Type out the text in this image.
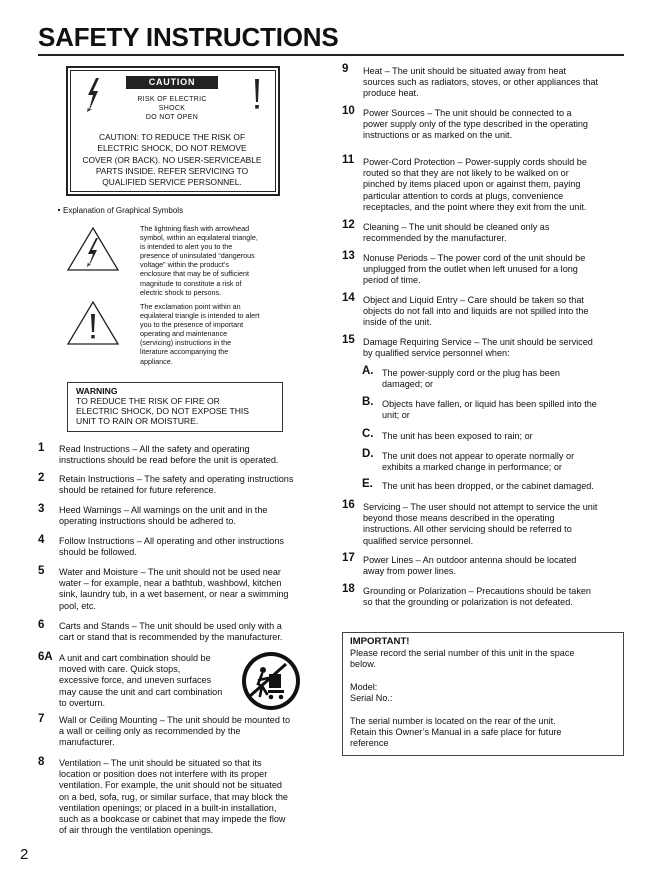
SAFETY INSTRUCTIONS
CAUTION
RISK OF ELECTRIC SHOCK
DO NOT OPEN
CAUTION: TO REDUCE THE RISK OF
ELECTRIC SHOCK, DO NOT REMOVE
COVER (OR BACK). NO USER-SERVICEABLE
PARTS INSIDE. REFER SERVICING TO
QUALIFIED SERVICE PERSONNEL.
Explanation of Graphical Symbols
The lightning flash with arrowhead
symbol, within an equilateral triangle,
is intended to alert you to the
presence of uninsulated “dangerous
voltage” within the product’s
enclosure that may be of sufficient
magnitude to constitute a risk of
electric shock to persons.
The exclamation point within an
equilateral triangle is intended to alert
you to the presence of important
operating and maintenance
(servicing) instructions in the
literature accompanying the
appliance.
WARNING
TO REDUCE THE RISK OF FIRE OR
ELECTRIC SHOCK, DO NOT EXPOSE THIS
UNIT TO RAIN OR MOISTURE.
1 Read Instructions – All the safety and operating
instructions should be read before the unit is operated.
2 Retain Instructions – The safety and operating instructions
should be retained for future reference.
3 Heed Warnings – All warnings on the unit and in the
operating instructions should be adhered to.
4 Follow Instructions – All operating and other instructions
should be followed.
5 Water and Moisture – The unit should not be used near
water – for example, near a bathtub, washbowl, kitchen
sink, laundry tub, in a wet basement, or near a swimming
pool, etc.
6 Carts and Stands – The unit should be used only with a
cart or stand that is recommended by the manufacturer.
6A A unit and cart combination should be
moved with care. Quick stops,
excessive force, and uneven surfaces
may cause the unit and cart combination
to overturn.
7 Wall or Ceiling Mounting – The unit should be mounted to
a wall or ceiling only as recommended by the
manufacturer.
8 Ventilation – The unit should be situated so that its
location or position does not interfere with its proper
ventilation. For example, the unit should not be situated
on a bed, sofa, rug, or similar surface, that may block the
ventilation openings; or placed in a built-in installation,
such as a bookcase or cabinet that may impede the flow
of air through the ventilation openings.
9 Heat – The unit should be situated away from heat
sources such as radiators, stoves, or other appliances that
produce heat.
10 Power Sources – The unit should be connected to a
power supply only of the type described in the operating
instructions or as marked on the unit.
11 Power-Cord Protection – Power-supply cords should be
routed so that they are not likely to be walked on or
pinched by items placed upon or against them, paying
particular attention to cords at plugs, convenience
receptacles, and the point where they exit from the unit.
12 Cleaning – The unit should be cleaned only as
recommended by the manufacturer.
13 Nonuse Periods – The power cord of the unit should be
unplugged from the outlet when left unused for a long
period of time.
14 Object and Liquid Entry – Care should be taken so that
objects do not fall into and liquids are not spilled into the
inside of the unit.
15 Damage Requiring Service – The unit should be serviced
by qualified service personnel when:
A. The power-supply cord or the plug has been
damaged; or
B. Objects have fallen, or liquid has been spilled into the
unit; or
C. The unit has been exposed to rain; or
D. The unit does not appear to operate normally or
exhibits a marked change in performance; or
E. The unit has been dropped, or the cabinet damaged.
16 Servicing – The user should not attempt to service the unit
beyond those means described in the operating
instructions. All other servicing should be referred to
qualified service personnel.
17 Power Lines – An outdoor antenna should be located
away from power lines.
18 Grounding or Polarization – Precautions should be taken
so that the grounding or polarization is not defeated.
IMPORTANT!
Please record the serial number of this unit in the space
below.
Model:
Serial No.:
The serial number is located on the rear of the unit.
Retain this Owner’s Manual in a safe place for future
reference
2
